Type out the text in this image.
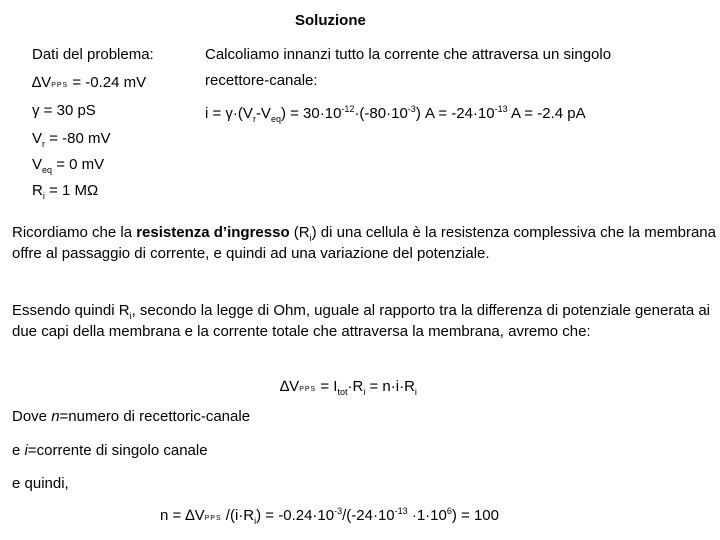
Soluzione
Dati del problema:
∆VPPS = -0.24 mV
γ = 30 pS
$V_r = -80$ mV
$V_{eq} = 0$ mV
$R_i = 1$ MΩ
Calcoliamo innanzi tutto la corrente che attraversa un singolo
recettore-canale:
$i = \gamma\cdot(V_r-V_{eq}) = 30\cdot 10^{-12}\cdot(-80\cdot 10^{-3}) A = -24\cdot 10^{-13}$ A = -2.4 pA
Ricordiamo che la resistenza d’ingresso $(R_i)$ di una cellula è la resistenza complessiva che la membrana offre al passaggio di corrente, e quindi ad una variazione del potenziale.
Essendo quindi $R_i$, secondo la legge di Ohm, uguale al rapporto tra la differenza di potenziale generata ai due capi della membrana e la corrente totale che attraversa la membrana, avremo che:
∆VPPS = $I_{tot}\cdot R_i = n\cdot i\cdot R_i$
Dove n=numero di recettoric-canale
e i=corrente di singolo canale
e quindi,
n = ∆VPPS $/(i\cdot R_i) = -0.24\cdot 10^{-3}/(-24\cdot 10^{-13} \cdot 1\cdot 10^6) = 100$
